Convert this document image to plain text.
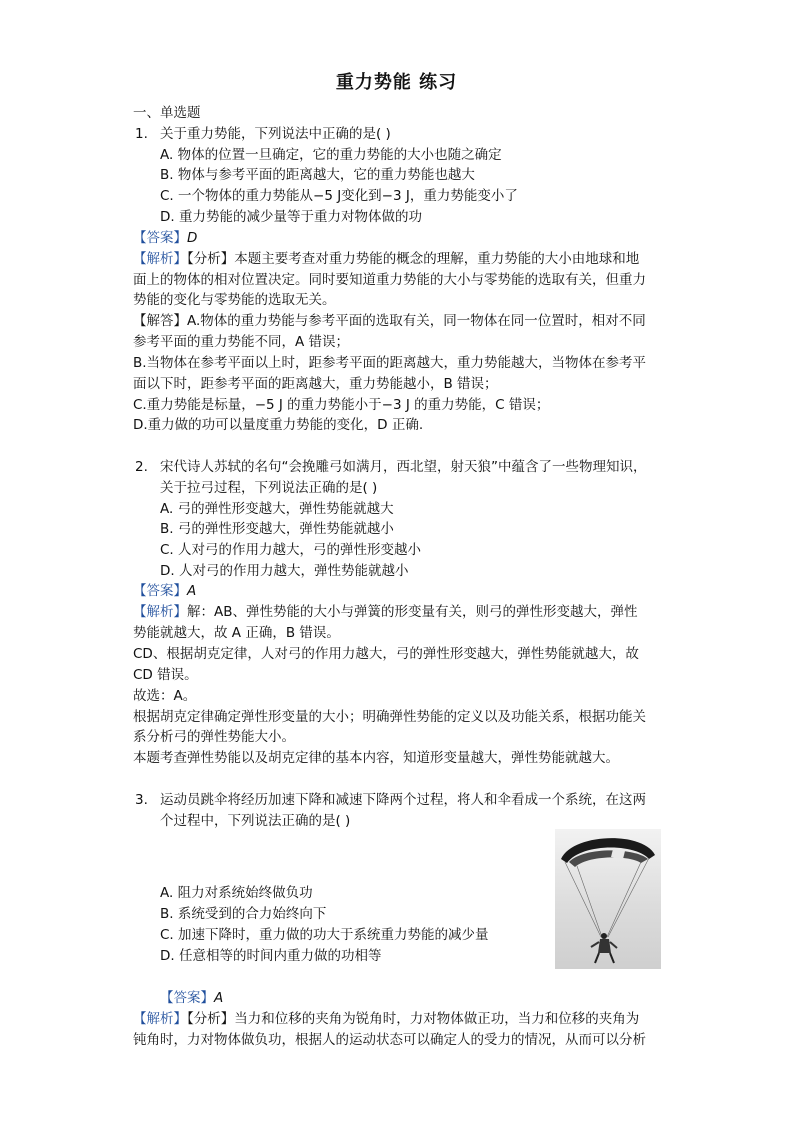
重力势能 练习
一、单选题
1. 关于重力势能，下列说法中正确的是( )
A. 物体的位置一旦确定，它的重力势能的大小也随之确定
B. 物体与参考平面的距离越大，它的重力势能也越大
C. 一个物体的重力势能从−5 J变化到−3 J，重力势能变小了
D. 重力势能的减少量等于重力对物体做的功
【答案】D
【解析】【分析】本题主要考查对重力势能的概念的理解，重力势能的大小由地球和地
面上的物体的相对位置决定。同时要知道重力势能的大小与零势能的选取有关，但重力
势能的变化与零势能的选取无关。
【解答】A.物体的重力势能与参考平面的选取有关，同一物体在同一位置时，相对不同
参考平面的重力势能不同，A 错误；
B.当物体在参考平面以上时，距参考平面的距离越大，重力势能越大，当物体在参考平
面以下时，距参考平面的距离越大，重力势能越小，B 错误；
C.重力势能是标量，−5 J 的重力势能小于−3 J 的重力势能，C 错误；
D.重力做的功可以量度重力势能的变化，D 正确.
2. 宋代诗人苏轼的名句“会挽雕弓如满月，西北望，射天狼”中蕴含了一些物理知识，
关于拉弓过程，下列说法正确的是( )
A. 弓的弹性形变越大，弹性势能就越大
B. 弓的弹性形变越大，弹性势能就越小
C. 人对弓的作用力越大，弓的弹性形变越小
D. 人对弓的作用力越大，弹性势能就越小
【答案】A
【解析】解：AB、弹性势能的大小与弹簧的形变量有关，则弓的弹性形变越大，弹性
势能就越大，故 A 正确，B 错误。
CD、根据胡克定律，人对弓的作用力越大，弓的弹性形变越大，弹性势能就越大，故
CD 错误。
故选：A。
根据胡克定律确定弹性形变量的大小；明确弹性势能的定义以及功能关系，根据功能关
系分析弓的弹性势能大小。
本题考查弹性势能以及胡克定律的基本内容，知道形变量越大，弹性势能就越大。
3. 运动员跳伞将经历加速下降和减速下降两个过程，将人和伞看成一个系统，在这两
个过程中，下列说法正确的是( )
A. 阻力对系统始终做负功
B. 系统受到的合力始终向下
C. 加速下降时，重力做的功大于系统重力势能的减少量
D. 任意相等的时间内重力做的功相等
【答案】A
【解析】【分析】当力和位移的夹角为锐角时，力对物体做正功，当力和位移的夹角为
钝角时，力对物体做负功，根据人的运动状态可以确定人的受力的情况，从而可以分析
